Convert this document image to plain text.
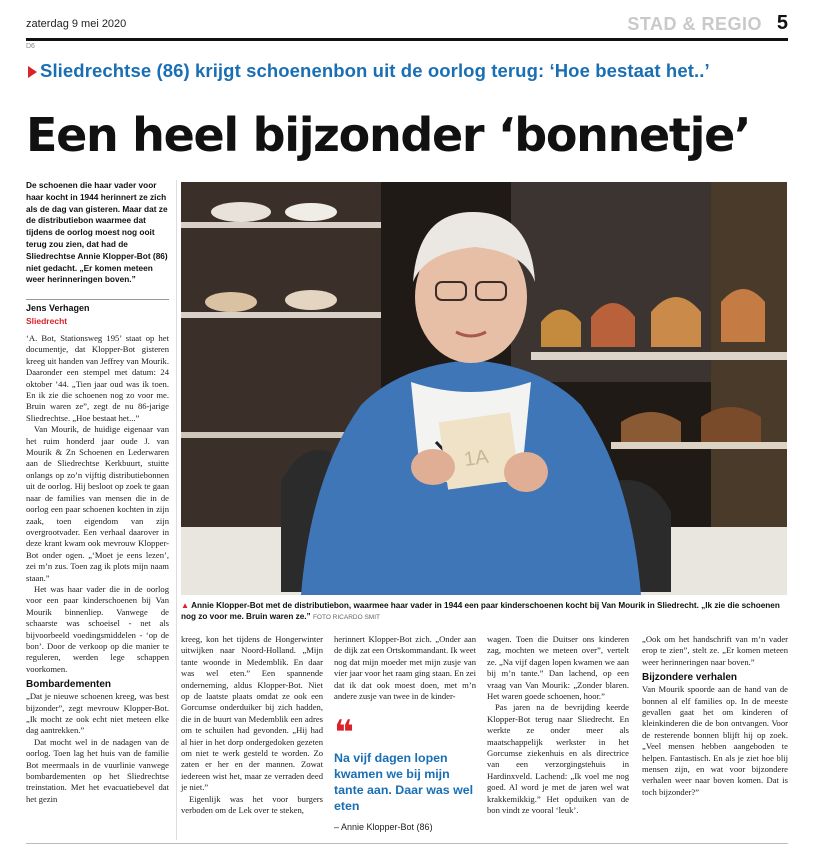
zaterdag 9 mei 2020	STAD & REGIO 5
D6
Sliedrechtse (86) krijgt schoenenbon uit de oorlog terug: ‘Hoe bestaat het..’
Een heel bijzonder ‘bonnetje’
De schoenen die haar vader voor haar kocht in 1944 herinnert ze zich als de dag van gisteren. Maar dat ze de distributiebon waarmee dat tijdens de oorlog moest nog ooit terug zou zien, dat had de Sliedrechtse Annie Klopper-Bot (86) niet gedacht. „Er komen meteen weer herinneringen boven.”
Jens Verhagen
Sliedrecht

‘A. Bot, Stationsweg 195’ staat op het documentje, dat Klopper-Bot gisteren kreeg uit handen van Jeffrey van Mourik. Daaronder een stempel met datum: 24 oktober ’44. „Tien jaar oud was ik toen. En ik zie die schoenen nog zo voor me. Bruin waren ze”, zegt de nu 86-jarige Sliedrechtse. „Hoe bestaat het...”

Van Mourik, de huidige eigenaar van het ruim honderd jaar oude J. van Mourik & Zn Schoenen en Lederwaren aan de Sliedrechtse Kerkbuurt, stuitte onlangs op zo’n vijftig distributiebonnen uit de oorlog. Hij besloot op zoek te gaan naar de families van mensen die in de oorlog een paar schoenen kochten in zijn zaak, toen eigendom van zijn overgrootvader. Een verhaal daarover in deze krant kwam ook mevrouw Klopper-Bot onder ogen. „‘Moet je eens lezen’, zei m’n zus. Toen zag ik plots mijn naam staan.”

Het was haar vader die in de oorlog voor een paar kinderschoenen bij Van Mourik binnenliep. Vanwege de schaarste was schoeisel - net als bijvoorbeeld voedingsmiddelen - ‘op de bon’. Door de verkoop op die manier te reguleren, werden lege schappen voorkomen.

Bombardementen

„Dat je nieuwe schoenen kreeg, was best bijzonder”, zegt mevrouw Klopper-Bot. „Ik mocht ze ook echt niet meteen elke dag aantrekken.”

Dat mocht wel in de nadagen van de oorlog. Toen lag het huis van de familie Bot meermaals in de vuurlinie vanwege bombardementen op het Sliedrechtse treinstation. Met het evacuatiebevel dat het gezin

1A
▲ Annie Klopper-Bot met de distributiebon, waarmee haar vader in 1944 een paar kinderschoenen kocht bij Van Mourik in Sliedrecht. „Ik zie die schoenen nog zo voor me. Bruin waren ze.” FOTO RICARDO SMIT

kreeg, kon het tijdens de Hongerwinter uitwijken naar Noord-Holland. „Mijn tante woonde in Medemblik. En daar was wel eten.” Een spannende onderneming, aldus Klopper-Bot. Niet op de laatste plaats omdat ze ook een Gorcumse onderduiker bij zich hadden, die in de buurt van Medemblik een adres om te schuilen had gevonden. „Hij had al hier in het dorp ondergedoken gezeten om niet te werk gesteld te worden. Zo zaten er her en der mannen. Zowat iedereen wist het, maar ze verraden deed je niet.”

Eigenlijk was het voor burgers verboden om de Lek over te steken,

herinnert Klopper-Bot zich. „Onder aan de dijk zat een Ortskommandant. Ik weet nog dat mijn moeder met mijn zusje van vier jaar voor het raam ging staan. En zei dat ik dat ook moest doen, met m’n andere zusje van twee in de kinder-

❝
Na vijf dagen lopen kwamen we bij mijn tante aan. Daar was wel eten
– Annie Klopper-Bot (86)

wagen. Toen die Duitser ons kinderen zag, mochten we meteen over”, vertelt ze. „Na vijf dagen lopen kwamen we aan bij m’n tante.” Dan lachend, op een vraag van Van Mourik: „Zonder blaren. Het waren goede schoenen, hoor.”

Pas jaren na de bevrijding keerde Klopper-Bot terug naar Sliedrecht. En werkte ze onder meer als maatschappelijk werkster in het Gorcumse ziekenhuis en als directrice van een verzorgingstehuis in Hardinxveld. Lachend: „Ik voel me nog goed. Al word je met de jaren wel wat krakkemikkig.” Het opduiken van de bon vindt ze vooral ‘leuk’.

„Ook om het handschrift van m’n vader erop te zien”, stelt ze. „Er komen meteen weer herinneringen naar boven.”

Bijzondere verhalen

Van Mourik spoorde aan de hand van de bonnen al elf families op. In de meeste gevallen gaat het om kinderen of kleinkinderen die de bon ontvangen. Voor de resterende bonnen blijft hij op zoek. „Veel mensen hebben aangeboden te helpen. Fantastisch. En als je ziet hoe blij mensen zijn, en wat voor bijzondere verhalen weer naar boven komen. Dat is toch bijzonder?”
